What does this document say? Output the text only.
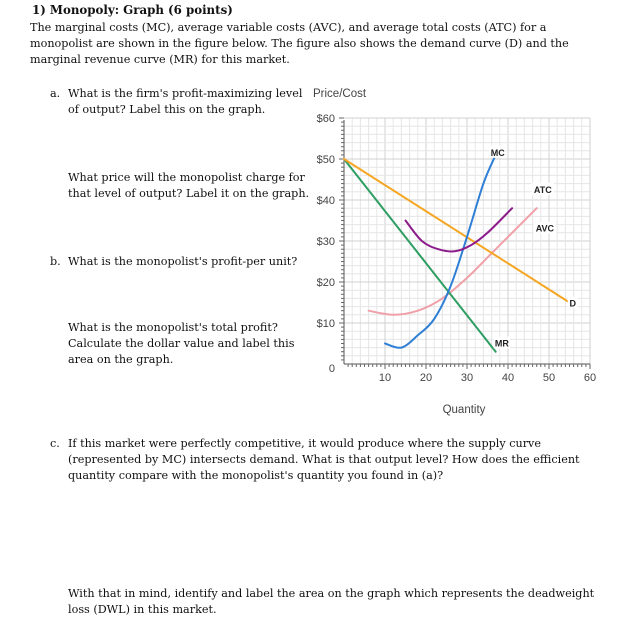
1) Monopoly: Graph (6 points)
The marginal costs (MC), average variable costs (AVC), and average total costs (ATC) for a
monopolist are shown in the figure below. The figure also shows the demand curve (D) and the
marginal revenue curve (MR) for this market.
a. What is the firm's profit-maximizing level
of output? Label this on the graph.
What price will the monopolist charge for
that level of output? Label it on the graph.
b. What is the monopolist's profit-per unit?
What is the monopolist's total profit?
Calculate the dollar value and label this
area on the graph.
c. If this market were perfectly competitive, it would produce where the supply curve
(represented by MC) intersects demand. What is that output level? How does the efficient
quantity compare with the monopolist's quantity you found in (a)?
With that in mind, identify and label the area on the graph which represents the deadweight
loss (DWL) in this market.
Price/Cost
Quantity
10	20	30	40	50	60
$60
$50
$40
$30
$20
$10
0
MC
ATC
AVC
D
MR
